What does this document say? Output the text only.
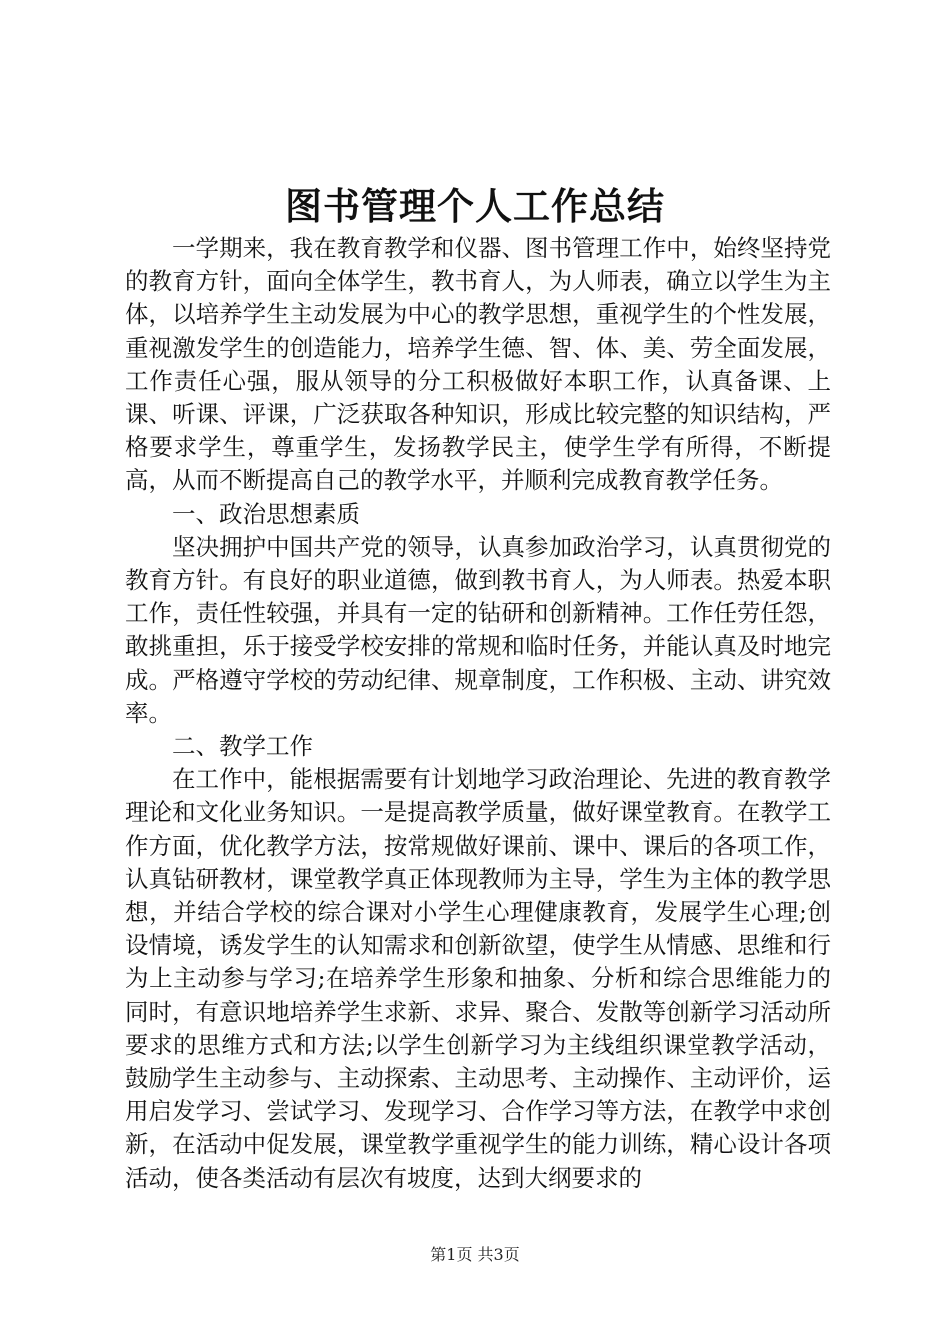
图书管理个人工作总结

一学期来，我在教育教学和仪器、图书管理工作中，始终坚持党的教育方针，面向全体学生，教书育人，为人师表，确立以学生为主体，以培养学生主动发展为中心的教学思想，重视学生的个性发展，重视激发学生的创造能力，培养学生德、智、体、美、劳全面发展，工作责任心强，服从领导的分工积极做好本职工作，认真备课、上课、听课、评课，广泛获取各种知识，形成比较完整的知识结构，严格要求学生，尊重学生，发扬教学民主，使学生学有所得，不断提高，从而不断提高自己的教学水平，并顺利完成教育教学任务。

一、政治思想素质

坚决拥护中国共产党的领导，认真参加政治学习，认真贯彻党的教育方针。有良好的职业道德，做到教书育人，为人师表。热爱本职工作，责任性较强，并具有一定的钻研和创新精神。工作任劳任怨，敢挑重担，乐于接受学校安排的常规和临时任务，并能认真及时地完成。严格遵守学校的劳动纪律、规章制度，工作积极、主动、讲究效率。

二、教学工作

在工作中，能根据需要有计划地学习政治理论、先进的教育教学理论和文化业务知识。一是提高教学质量，做好课堂教育。在教学工作方面，优化教学方法，按常规做好课前、课中、课后的各项工作，认真钻研教材，课堂教学真正体现教师为主导，学生为主体的教学思想，并结合学校的综合课对小学生心理健康教育，发展学生心理;创设情境，诱发学生的认知需求和创新欲望，使学生从情感、思维和行为上主动参与学习;在培养学生形象和抽象、分析和综合思维能力的同时，有意识地培养学生求新、求异、聚合、发散等创新学习活动所要求的思维方式和方法;以学生创新学习为主线组织课堂教学活动，鼓励学生主动参与、主动探索、主动思考、主动操作、主动评价，运用启发学习、尝试学习、发现学习、合作学习等方法，在教学中求创新，在活动中促发展，课堂教学重视学生的能力训练，精心设计各项活动，使各类活动有层次有坡度，达到大纲要求的

第1页 共3页
